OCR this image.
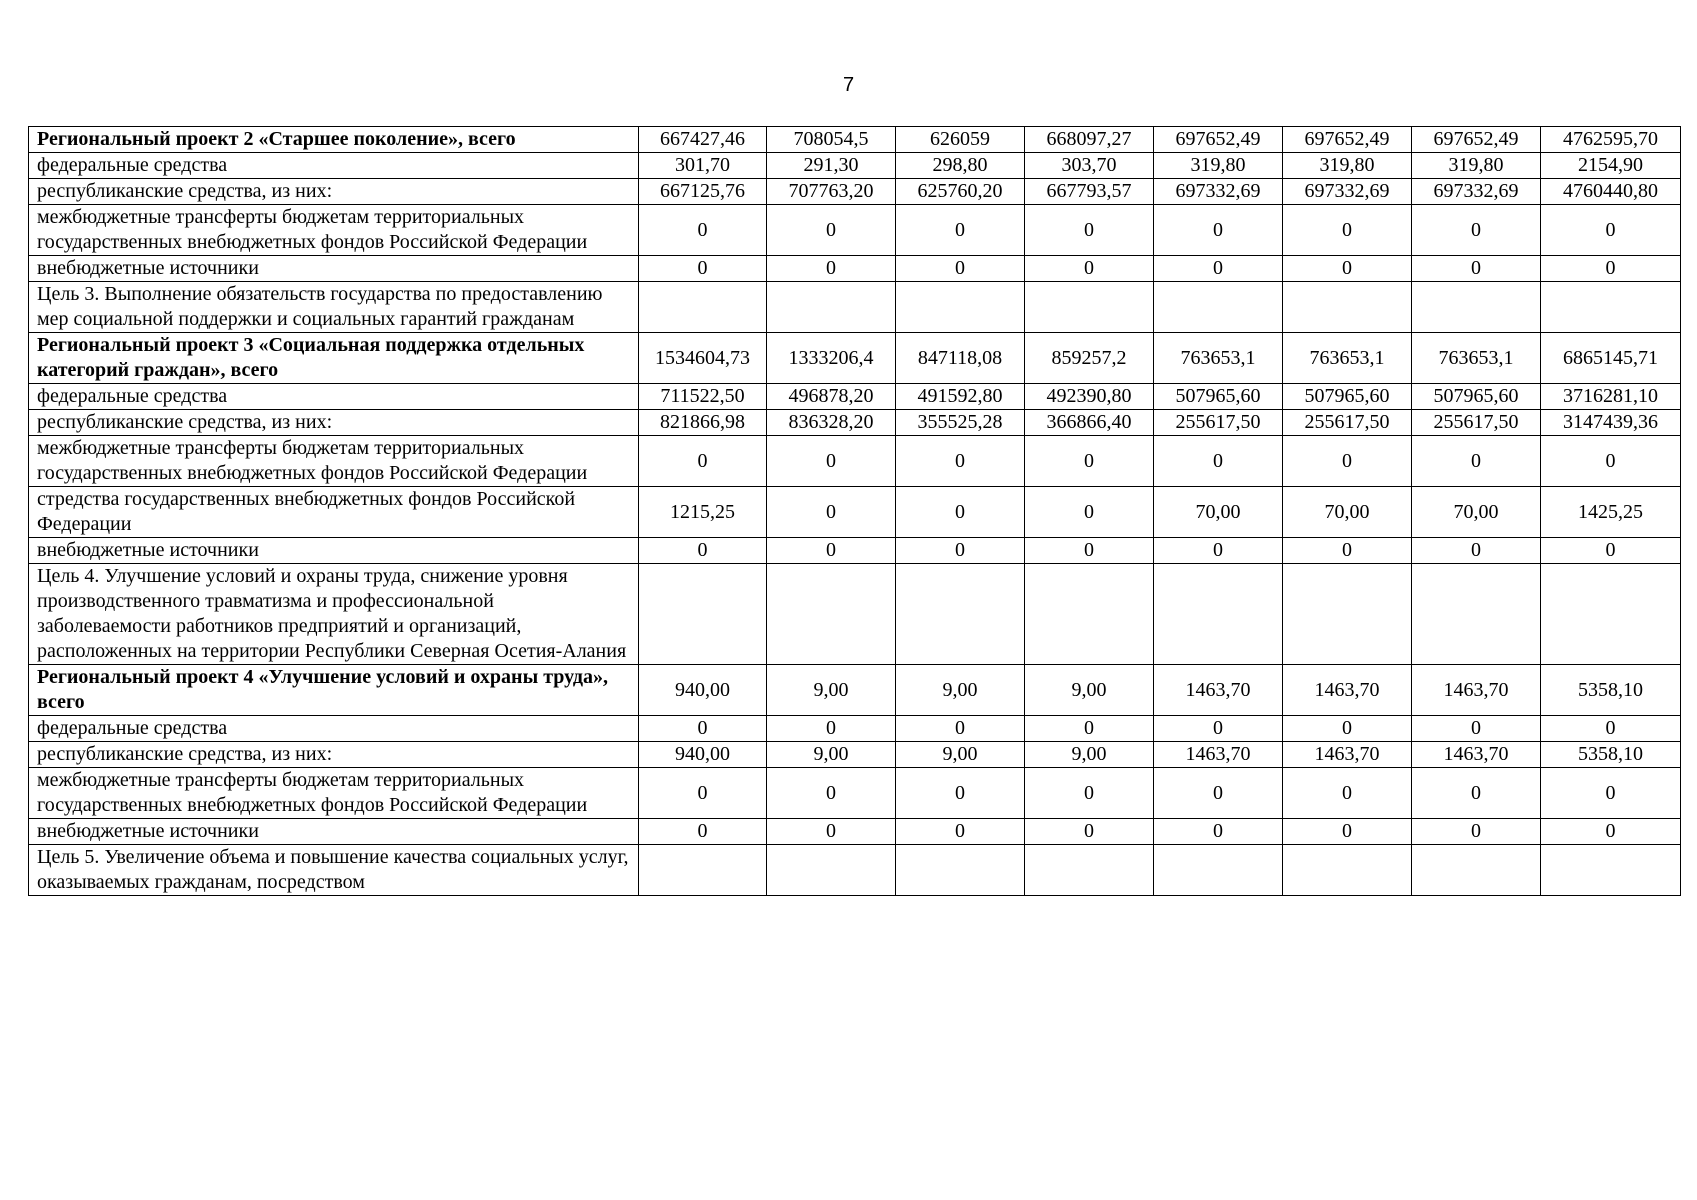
7
Региональный проект 2 «Старшее поколение», всего	667427,46	708054,5	626059	668097,27	697652,49	697652,49	697652,49	4762595,70
федеральные средства	301,70	291,30	298,80	303,70	319,80	319,80	319,80	2154,90
республиканские средства, из них:	667125,76	707763,20	625760,20	667793,57	697332,69	697332,69	697332,69	4760440,80
межбюджетные трансферты бюджетам территориальных государственных внебюджетных фондов Российской Федерации	0	0	0	0	0	0	0	0
внебюджетные источники	0	0	0	0	0	0	0	0
Цель 3. Выполнение обязательств государства по предоставлению мер социальной поддержки и социальных гарантий гражданам								
Региональный проект 3 «Социальная поддержка отдельных категорий граждан», всего	1534604,73	1333206,4	847118,08	859257,2	763653,1	763653,1	763653,1	6865145,71
федеральные средства	711522,50	496878,20	491592,80	492390,80	507965,60	507965,60	507965,60	3716281,10
республиканские средства, из них:	821866,98	836328,20	355525,28	366866,40	255617,50	255617,50	255617,50	3147439,36
межбюджетные трансферты бюджетам территориальных государственных внебюджетных фондов Российской Федерации	0	0	0	0	0	0	0	0
стредства государственных внебюджетных фондов Российской Федерации	1215,25	0	0	0	70,00	70,00	70,00	1425,25
внебюджетные источники	0	0	0	0	0	0	0	0
Цель 4. Улучшение условий и охраны труда, снижение уровня производственного травматизма и профессиональной заболеваемости работников предприятий и организаций, расположенных на территории Республики Северная Осетия-Алания								
Региональный проект 4 «Улучшение условий и охраны труда», всего	940,00	9,00	9,00	9,00	1463,70	1463,70	1463,70	5358,10
федеральные средства	0	0	0	0	0	0	0	0
республиканские средства, из них:	940,00	9,00	9,00	9,00	1463,70	1463,70	1463,70	5358,10
межбюджетные трансферты бюджетам территориальных государственных внебюджетных фондов Российской Федерации	0	0	0	0	0	0	0	0
внебюджетные источники	0	0	0	0	0	0	0	0
Цель 5. Увеличение объема и повышение качества социальных услуг, оказываемых гражданам, посредством								
